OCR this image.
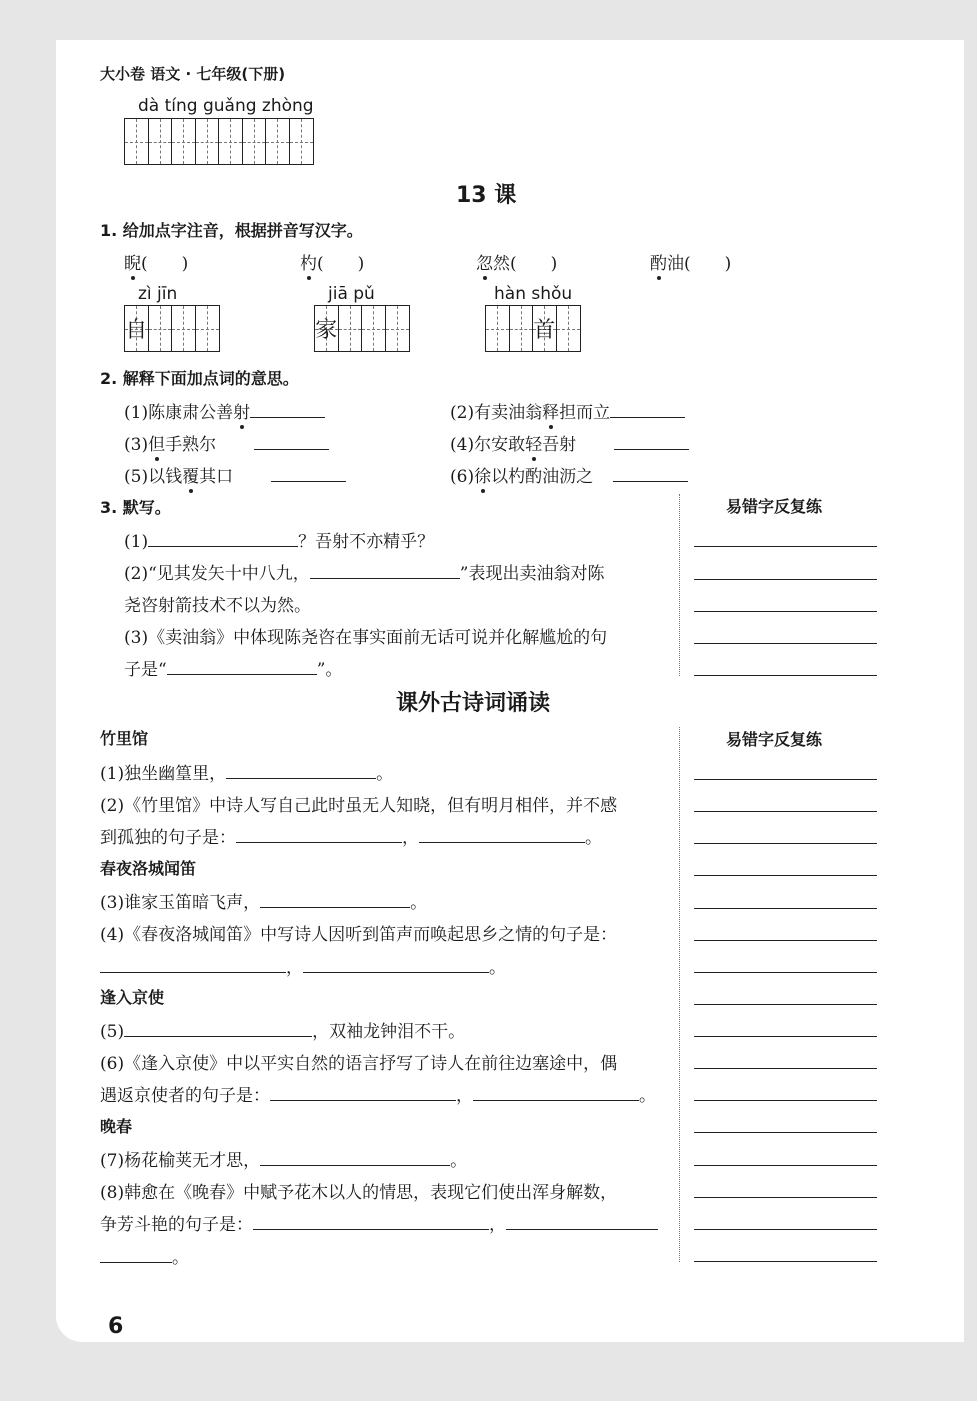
大小卷 语文 · 七年级(下册)
dà tíng guǎng zhòng
13 课
1. 给加点字注音，根据拼音写汉字。
睨(　　)	杓(　　)	忽然(　　)	酌油(　　)
zì jīn
自
jiā pǔ
家
hàn shǒu
首
2. 解释下面加点词的意思。
(1)陈康肃公善射	(2)有卖油翁释担而立
(3)但手熟尔	(4)尔安敢轻吾射
(5)以钱覆其口	(6)徐以杓酌油沥之
3. 默写。
(1)	？吾射不亦精乎？
(2)“见其发矢十中八九，	”表现出卖油翁对陈
尧咨射箭技术不以为然。
(3)《卖油翁》中体现陈尧咨在事实面前无话可说并化解尴尬的句
子是“	”。
易错字反复练
课外古诗词诵读
竹里馆
(1)独坐幽篁里，	。
(2)《竹里馆》中诗人写自己此时虽无人知晓，但有明月相伴，并不感
到孤独的句子是：	，	。
春夜洛城闻笛
(3)谁家玉笛暗飞声，	。
(4)《春夜洛城闻笛》中写诗人因听到笛声而唤起思乡之情的句子是：
，	。
逢入京使
(5)	，双袖龙钟泪不干。
(6)《逢入京使》中以平实自然的语言抒写了诗人在前往边塞途中，偶
遇返京使者的句子是：	，	。
晚春
(7)杨花榆荚无才思，	。
(8)韩愈在《晚春》中赋予花木以人的情思，表现它们使出浑身解数，
争芳斗艳的句子是：	，
。
易错字反复练
6
